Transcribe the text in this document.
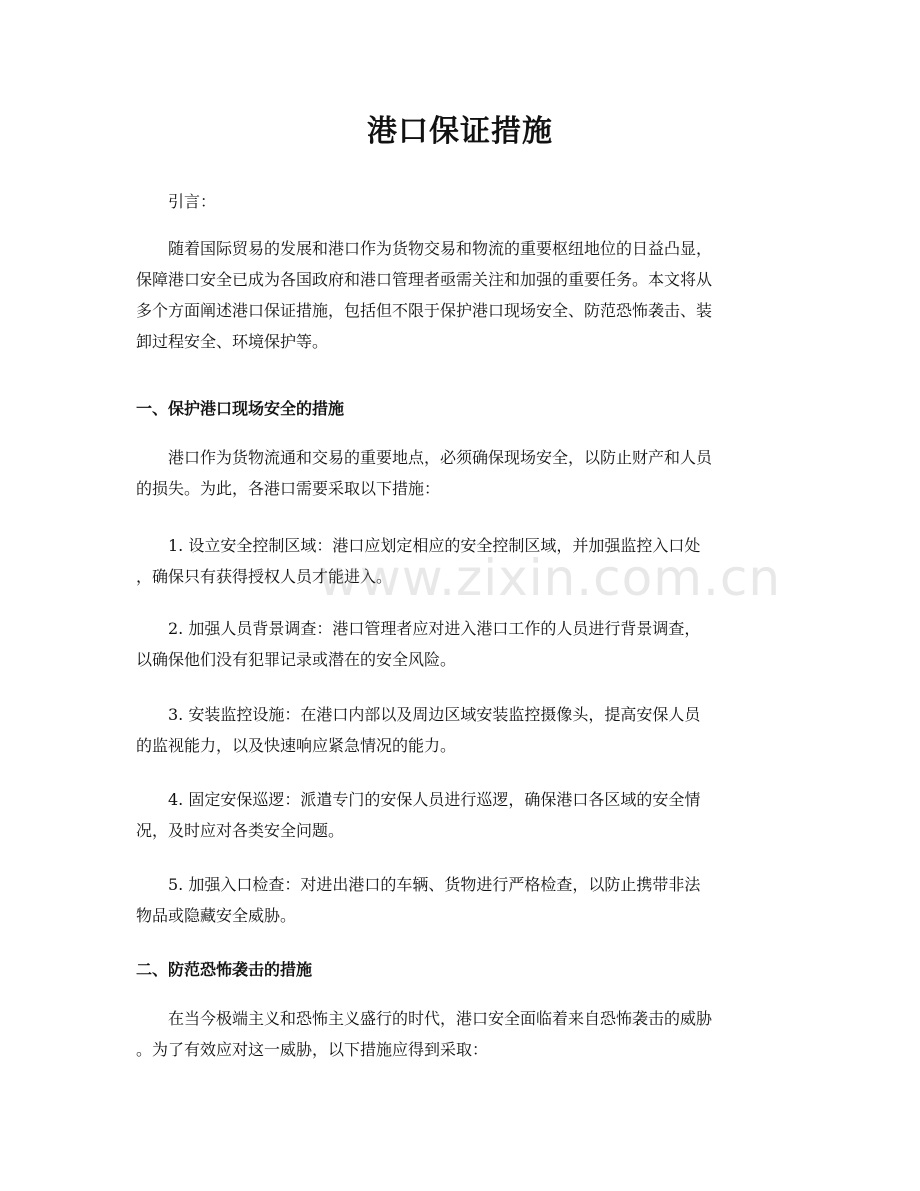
港口保证措施
引言：
随着国际贸易的发展和港口作为货物交易和物流的重要枢纽地位的日益凸显，
保障港口安全已成为各国政府和港口管理者亟需关注和加强的重要任务。本文将从
多个方面阐述港口保证措施，包括但不限于保护港口现场安全、防范恐怖袭击、装
卸过程安全、环境保护等。
一、保护港口现场安全的措施
港口作为货物流通和交易的重要地点，必须确保现场安全，以防止财产和人员
的损失。为此，各港口需要采取以下措施：
1. 设立安全控制区域：港口应划定相应的安全控制区域，并加强监控入口处
，确保只有获得授权人员才能进入。
2. 加强人员背景调查：港口管理者应对进入港口工作的人员进行背景调查，
以确保他们没有犯罪记录或潜在的安全风险。
3. 安装监控设施：在港口内部以及周边区域安装监控摄像头，提高安保人员
的监视能力，以及快速响应紧急情况的能力。
4. 固定安保巡逻：派遣专门的安保人员进行巡逻，确保港口各区域的安全情
况，及时应对各类安全问题。
5. 加强入口检查：对进出港口的车辆、货物进行严格检查，以防止携带非法
物品或隐藏安全威胁。
二、防范恐怖袭击的措施
在当今极端主义和恐怖主义盛行的时代，港口安全面临着来自恐怖袭击的威胁
。为了有效应对这一威胁，以下措施应得到采取：
www.zixin.com.cn
